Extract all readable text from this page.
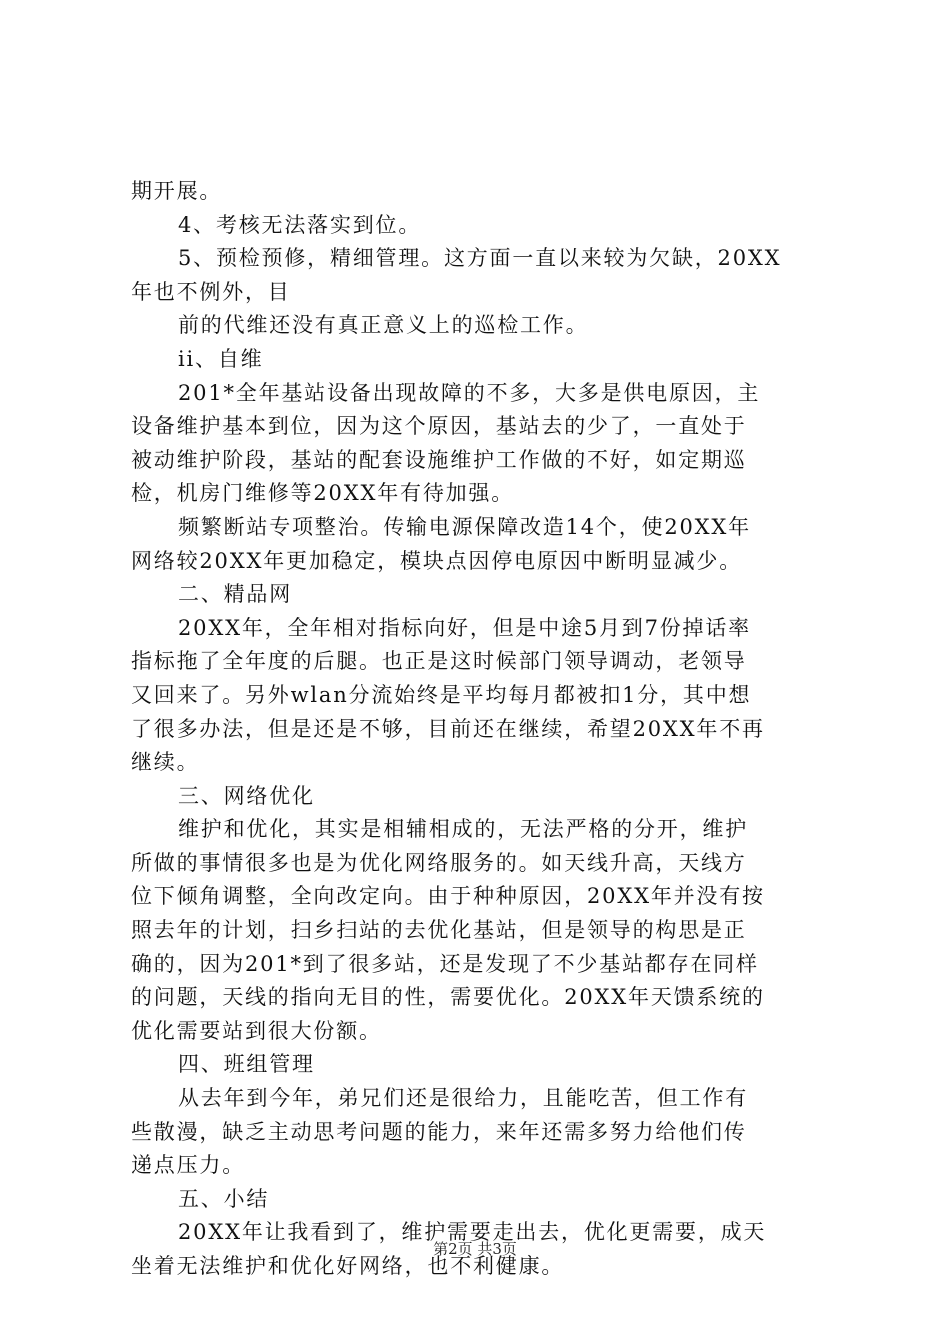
期开展。
4、考核无法落实到位。
5、预检预修，精细管理。这方面一直以来较为欠缺，20XX
年也不例外，目
前的代维还没有真正意义上的巡检工作。
ii、自维
201*全年基站设备出现故障的不多，大多是供电原因，主
设备维护基本到位，因为这个原因，基站去的少了，一直处于
被动维护阶段，基站的配套设施维护工作做的不好，如定期巡
检，机房门维修等20XX年有待加强。
频繁断站专项整治。传输电源保障改造14个，使20XX年
网络较20XX年更加稳定，模块点因停电原因中断明显减少。
二、精品网
20XX年，全年相对指标向好，但是中途5月到7份掉话率
指标拖了全年度的后腿。也正是这时候部门领导调动，老领导
又回来了。另外wlan分流始终是平均每月都被扣1分，其中想
了很多办法，但是还是不够，目前还在继续，希望20XX年不再
继续。
三、网络优化
维护和优化，其实是相辅相成的，无法严格的分开，维护
所做的事情很多也是为优化网络服务的。如天线升高，天线方
位下倾角调整，全向改定向。由于种种原因，20XX年并没有按
照去年的计划，扫乡扫站的去优化基站，但是领导的构思是正
确的，因为201*到了很多站，还是发现了不少基站都存在同样
的问题，天线的指向无目的性，需要优化。20XX年天馈系统的
优化需要站到很大份额。
四、班组管理
从去年到今年，弟兄们还是很给力，且能吃苦，但工作有
些散漫，缺乏主动思考问题的能力，来年还需多努力给他们传
递点压力。
五、小结
20XX年让我看到了，维护需要走出去，优化更需要，成天
坐着无法维护和优化好网络，也不利健康。
第2页 共3页
